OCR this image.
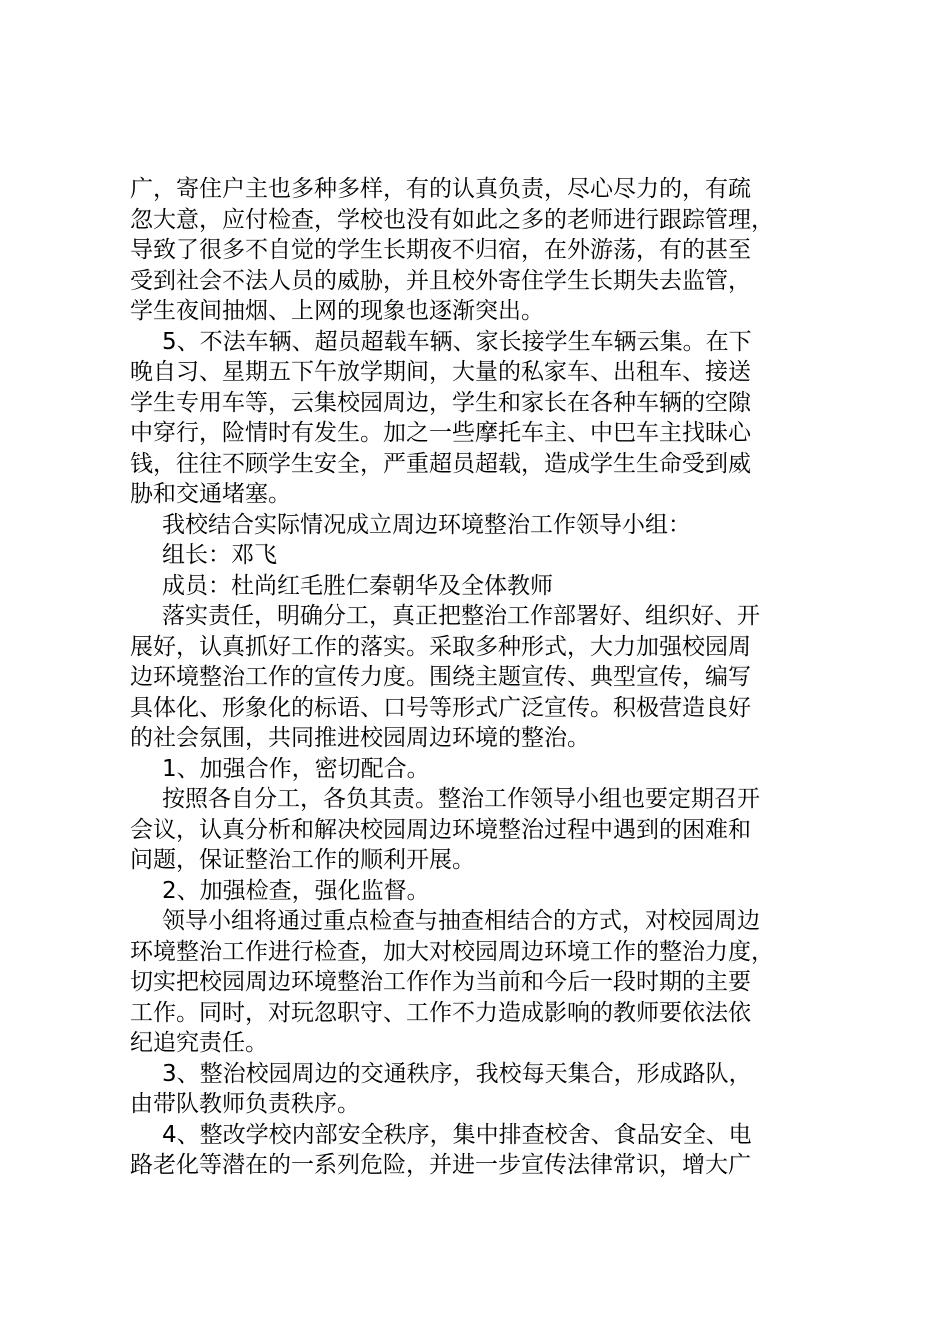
广，寄住户主也多种多样，有的认真负责，尽心尽力的，有疏
忽大意，应付检查，学校也没有如此之多的老师进行跟踪管理，
导致了很多不自觉的学生长期夜不归宿，在外游荡，有的甚至
受到社会不法人员的威胁，并且校外寄住学生长期失去监管，
学生夜间抽烟、上网的现象也逐渐突出。
5、不法车辆、超员超载车辆、家长接学生车辆云集。在下
晚自习、星期五下午放学期间，大量的私家车、出租车、接送
学生专用车等，云集校园周边，学生和家长在各种车辆的空隙
中穿行，险情时有发生。加之一些摩托车主、中巴车主找昧心
钱，往往不顾学生安全，严重超员超载，造成学生生命受到威
胁和交通堵塞。
我校结合实际情况成立周边环境整治工作领导小组：
组长：邓飞
成员：杜尚红毛胜仁秦朝华及全体教师
落实责任，明确分工，真正把整治工作部署好、组织好、开
展好，认真抓好工作的落实。采取多种形式，大力加强校园周
边环境整治工作的宣传力度。围绕主题宣传、典型宣传，编写
具体化、形象化的标语、口号等形式广泛宣传。积极营造良好
的社会氛围，共同推进校园周边环境的整治。
1、加强合作，密切配合。
按照各自分工，各负其责。整治工作领导小组也要定期召开
会议，认真分析和解决校园周边环境整治过程中遇到的困难和
问题，保证整治工作的顺利开展。
2、加强检查，强化监督。
领导小组将通过重点检查与抽查相结合的方式，对校园周边
环境整治工作进行检查，加大对校园周边环境工作的整治力度，
切实把校园周边环境整治工作作为当前和今后一段时期的主要
工作。同时，对玩忽职守、工作不力造成影响的教师要依法依
纪追究责任。
3、整治校园周边的交通秩序，我校每天集合，形成路队，
由带队教师负责秩序。
4、整改学校内部安全秩序，集中排查校舍、食品安全、电
路老化等潜在的一系列危险，并进一步宣传法律常识，增大广
